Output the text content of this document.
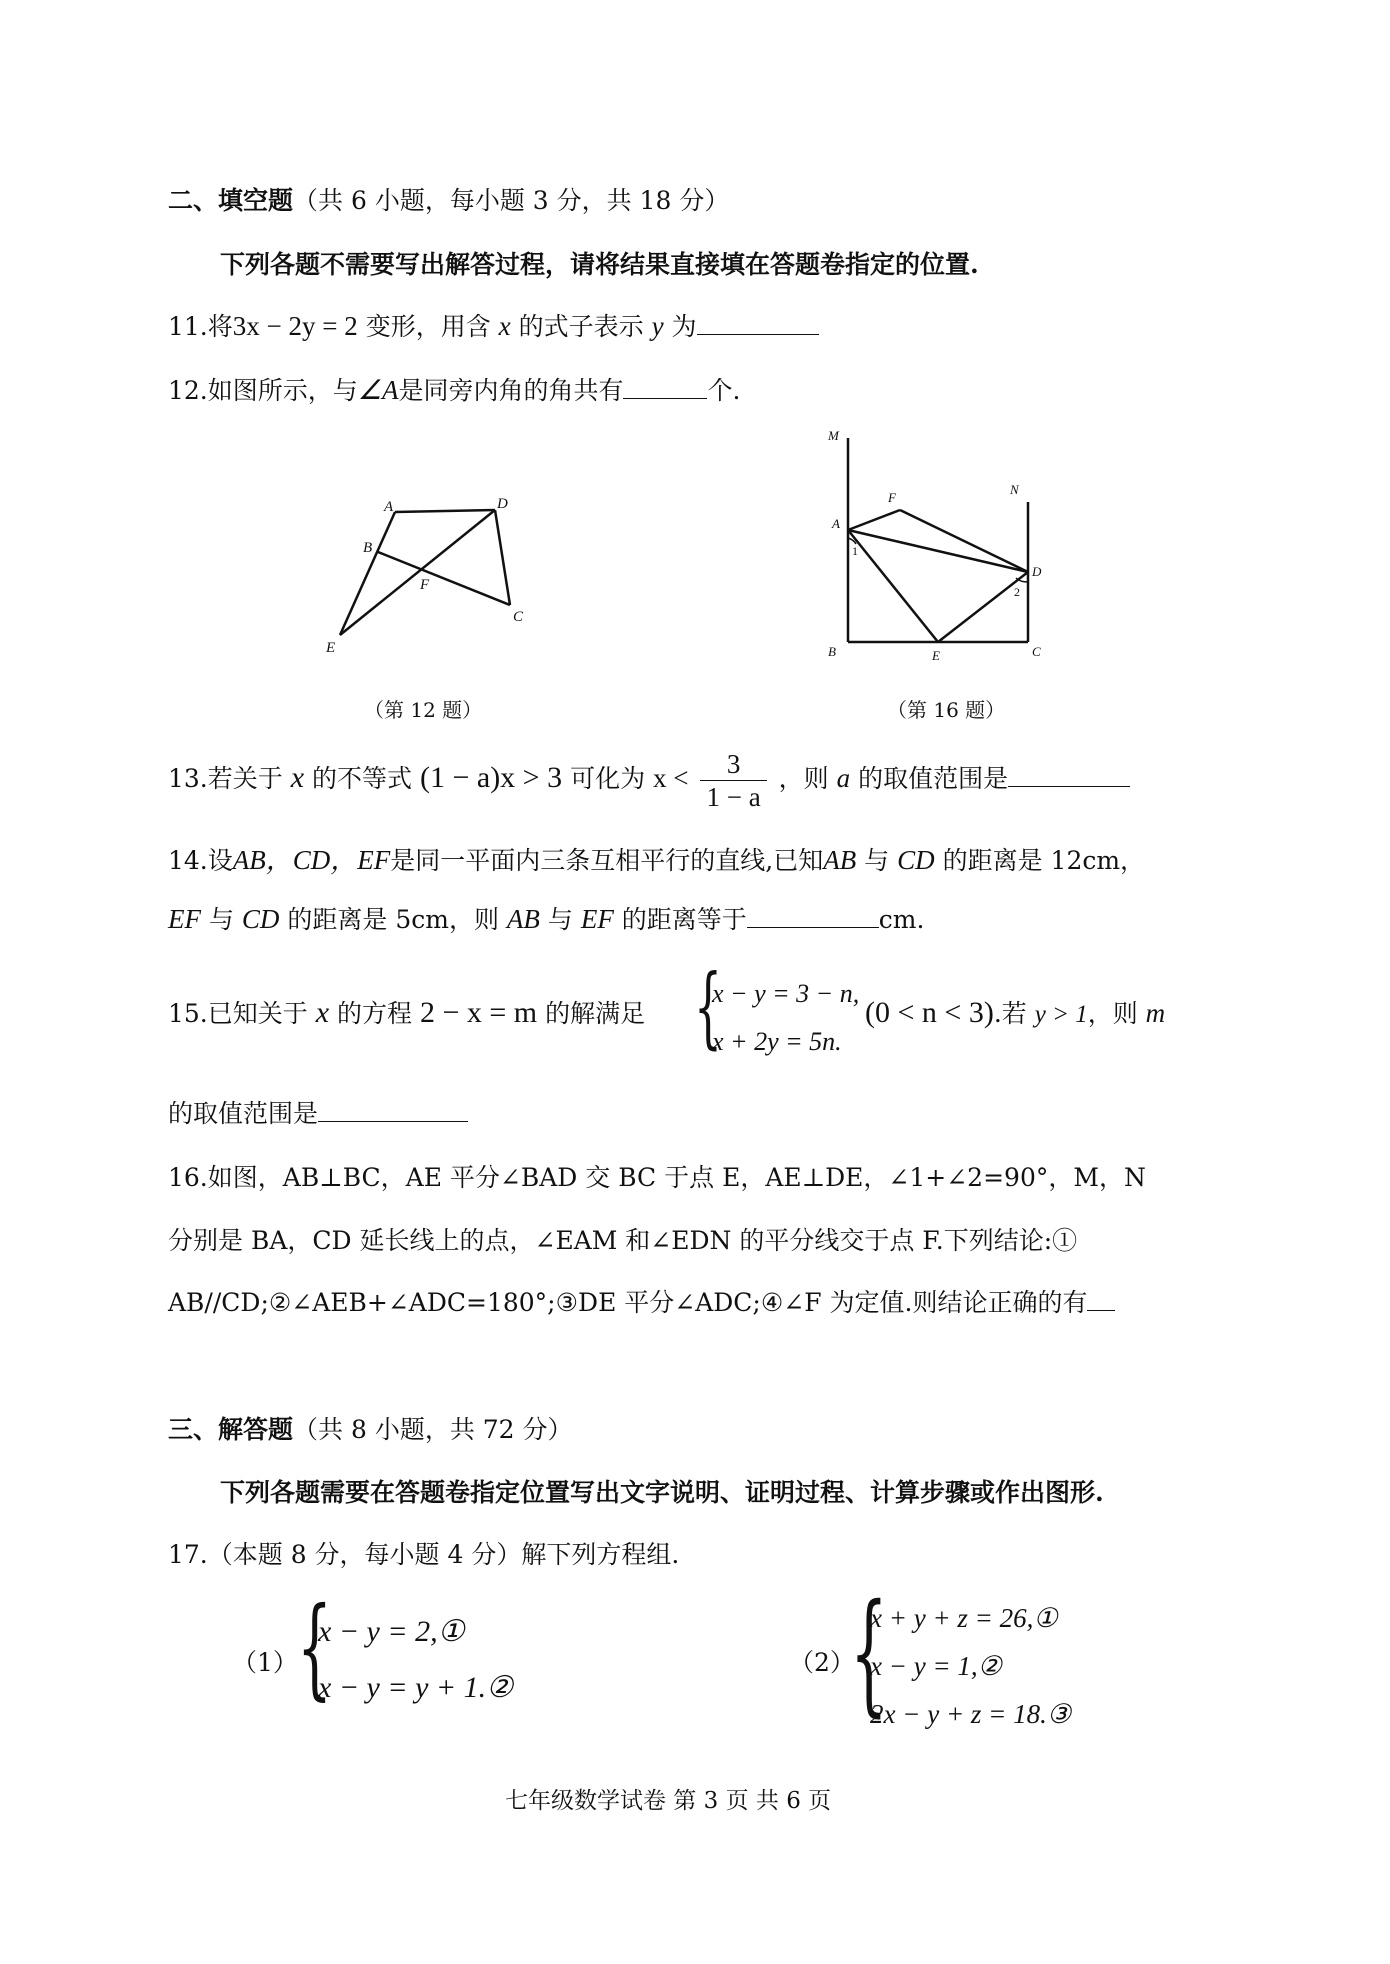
二、填空题（共 6 小题，每小题 3 分，共 18 分）
下列各题不需要写出解答过程，请将结果直接填在答题卷指定的位置.
11.将3x − 2y = 2 变形，用含 x 的式子表示 y 为
12.如图所示，与∠A是同旁内角的角共有	个.
A	D
B
F
C
E
（第 12 题）
M
N
F
A
D
B	E	C
1
2
（第 16 题）
13.若关于 x 的不等式 (1 − a)x > 3 可化为 $x < \frac{3}{1 - a}$ ，则 a 的取值范围是
14.设AB，CD，EF是同一平面内三条互相平行的直线,已知AB 与 CD 的距离是 12cm，
EF 与 CD 的距离是 5cm，则 AB 与 EF 的距离等于	cm.
15.已知关于 x 的方程 2 − x = m 的解满足 {
x − y = 3 − n,
x + 2y = 5n.
(0 < n < 3).若 y > 1，则 m
的取值范围是
16.如图，AB⊥BC，AE 平分∠BAD 交 BC 于点 E，AE⊥DE，∠1+∠2=90°，M，N
分别是 BA，CD 延长线上的点，∠EAM 和∠EDN 的平分线交于点 F.下列结论:①
AB//CD;②∠AEB+∠ADC=180°;③DE 平分∠ADC;④∠F 为定值.则结论正确的有
三、解答题（共 8 小题，共 72 分）
下列各题需要在答题卷指定位置写出文字说明、证明过程、计算步骤或作出图形.
17.（本题 8 分，每小题 4 分）解下列方程组.
（1） {
x − y = 2,①
x − y = y + 1.②
（2）
{
x + y + z = 26,①
x − y = 1,②
2x − y + z = 18.③
七年级数学试卷 第 3 页 共 6 页
